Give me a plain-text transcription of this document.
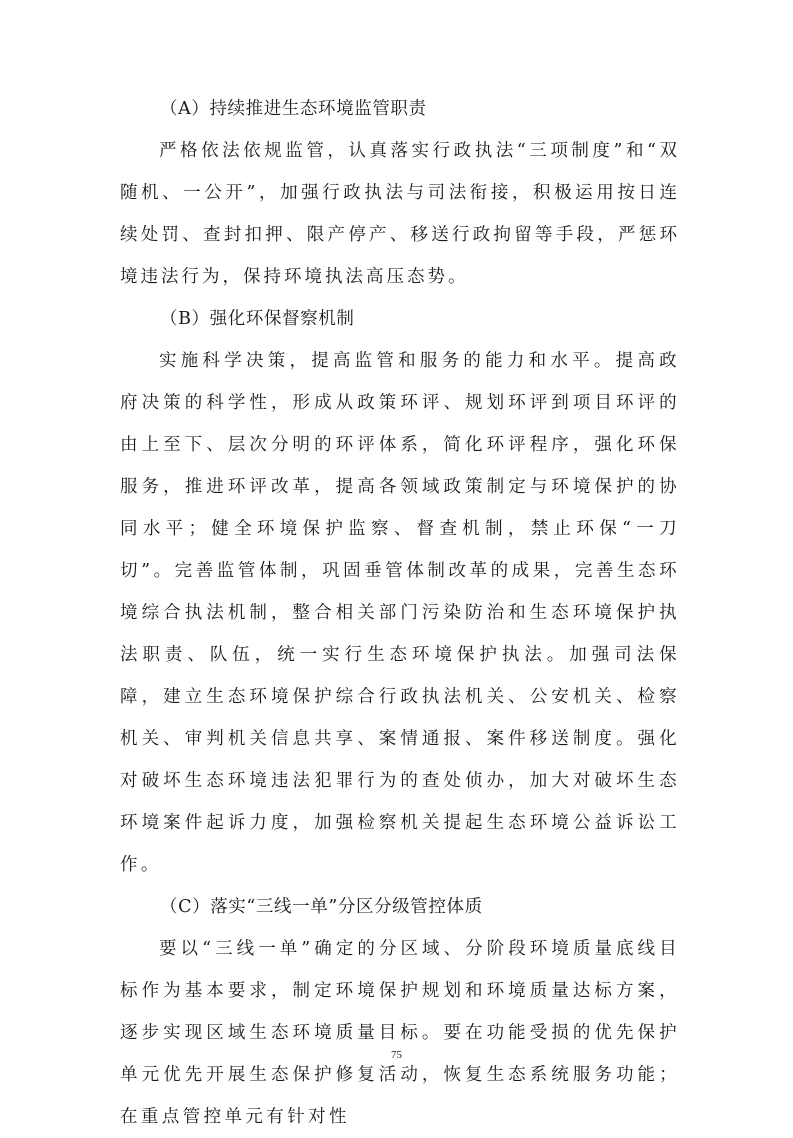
（A）持续推进生态环境监管职责

严格依法依规监管，认真落实行政执法“三项制度”和“双随机、一公开”，加强行政执法与司法衔接，积极运用按日连续处罚、查封扣押、限产停产、移送行政拘留等手段，严惩环境违法行为，保持环境执法高压态势。

（B）强化环保督察机制

实施科学决策，提高监管和服务的能力和水平。提高政府决策的科学性，形成从政策环评、规划环评到项目环评的由上至下、层次分明的环评体系，简化环评程序，强化环保服务，推进环评改革，提高各领域政策制定与环境保护的协同水平；健全环境保护监察、督查机制，禁止环保“一刀切”。完善监管体制，巩固垂管体制改革的成果，完善生态环境综合执法机制，整合相关部门污染防治和生态环境保护执法职责、队伍，统一实行生态环境保护执法。加强司法保障，建立生态环境保护综合行政执法机关、公安机关、检察机关、审判机关信息共享、案情通报、案件移送制度。强化对破坏生态环境违法犯罪行为的查处侦办，加大对破坏生态环境案件起诉力度，加强检察机关提起生态环境公益诉讼工作。

（C）落实“三线一单”分区分级管控体质

要以“三线一单”确定的分区域、分阶段环境质量底线目标作为基本要求，制定环境保护规划和环境质量达标方案，逐步实现区域生态环境质量目标。要在功能受损的优先保护单元优先开展生态保护修复活动，恢复生态系统服务功能；在重点管控单元有针对性

75
